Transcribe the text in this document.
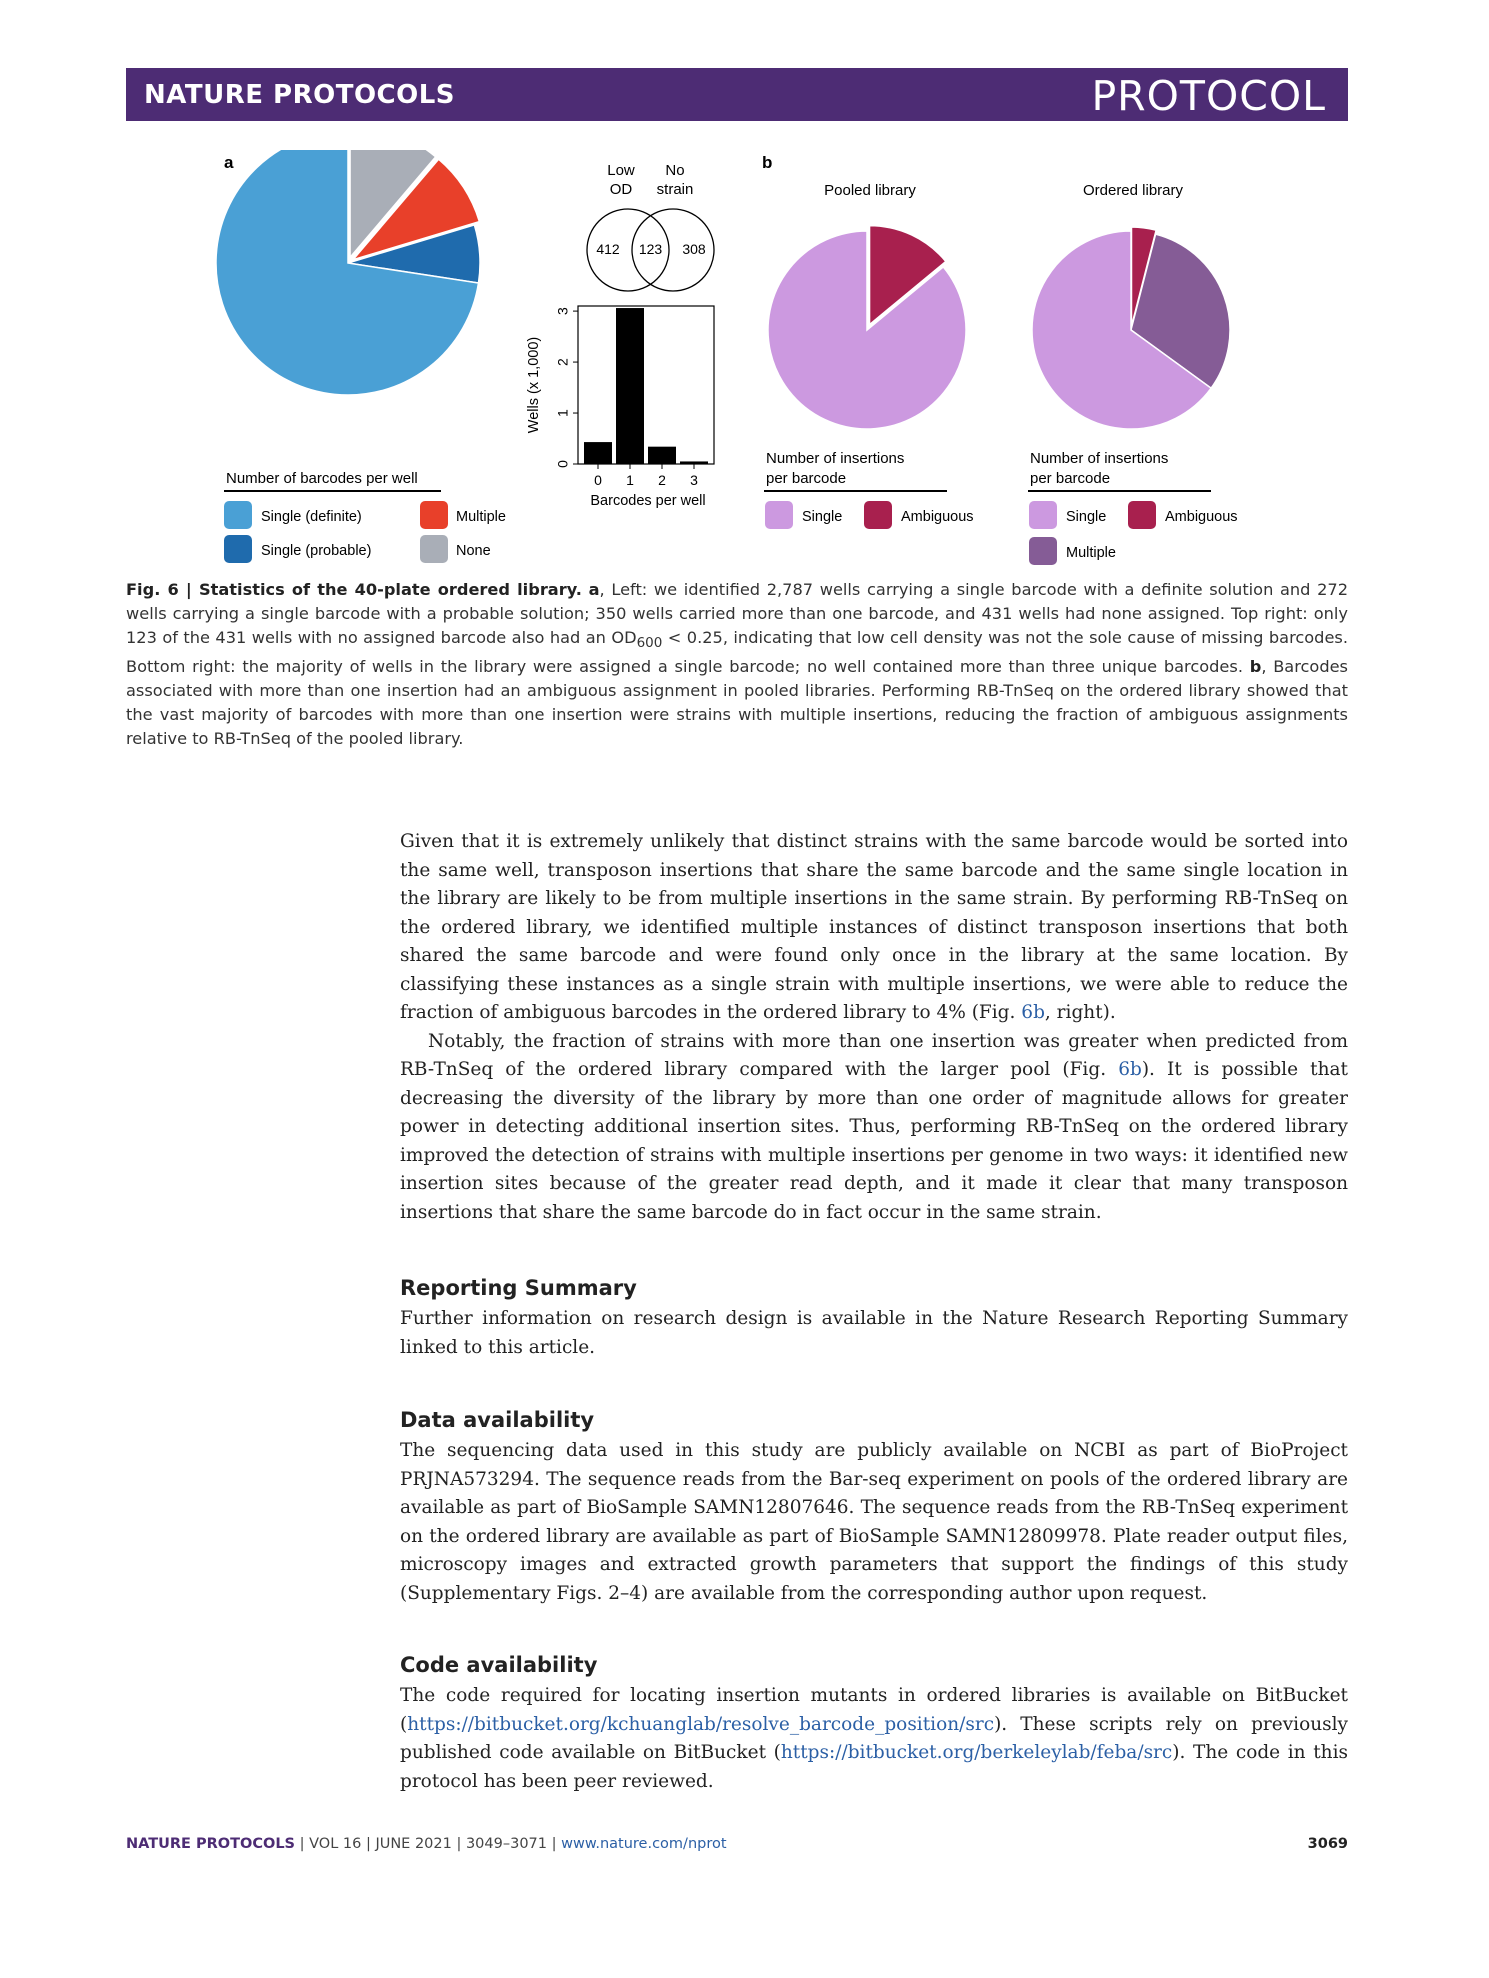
NATURE PROTOCOLS	PROTOCOL
a	b
Number of barcodes per well
Single (definite)	Multiple
Single (probable)	None
Low
OD
No
strain
412 123 308
0 1 2 3
0
1
2
3
Barcodes per well
Wells (x 1,000)
Pooled library	Ordered library
Number of insertions
per barcode
Single	Ambiguous
Number of insertions
per barcode
Single	Ambiguous
Multiple
Fig. 6 | Statistics of the 40-plate ordered library. a, Left: we identified 2,787 wells carrying a single barcode with a definite solution and 272 wells carrying a single barcode with a probable solution; 350 wells carried more than one barcode, and 431 wells had none assigned. Top right: only 123 of the 431 wells with no assigned barcode also had an $OD_{600} < 0.25$, indicating that low cell density was not the sole cause of missing barcodes. Bottom right: the majority of wells in the library were assigned a single barcode; no well contained more than three unique barcodes. b, Barcodes associated with more than one insertion had an ambiguous assignment in pooled libraries. Performing RB-TnSeq on the ordered library showed that the vast majority of barcodes with more than one insertion were strains with multiple insertions, reducing the fraction of ambiguous assignments relative to RB-TnSeq of the pooled library.

Given that it is extremely unlikely that distinct strains with the same barcode would be sorted into the same well, transposon insertions that share the same barcode and the same single location in the library are likely to be from multiple insertions in the same strain. By performing RB-TnSeq on the ordered library, we identified multiple instances of distinct transposon insertions that both shared the same barcode and were found only once in the library at the same location. By classifying these instances as a single strain with multiple insertions, we were able to reduce the fraction of ambiguous barcodes in the ordered library to 4% (Fig. 6b, right).

Notably, the fraction of strains with more than one insertion was greater when predicted from RB-TnSeq of the ordered library compared with the larger pool (Fig. 6b). It is possible that decreasing the diversity of the library by more than one order of magnitude allows for greater power in detecting additional insertion sites. Thus, performing RB-TnSeq on the ordered library improved the detection of strains with multiple insertions per genome in two ways: it identified new insertion sites because of the greater read depth, and it made it clear that many transposon insertions that share the same barcode do in fact occur in the same strain.

Reporting Summary

Further information on research design is available in the Nature Research Reporting Summary linked to this article.

Data availability

The sequencing data used in this study are publicly available on NCBI as part of BioProject PRJNA573294. The sequence reads from the Bar-seq experiment on pools of the ordered library are available as part of BioSample SAMN12807646. The sequence reads from the RB-TnSeq experiment on the ordered library are available as part of BioSample SAMN12809978. Plate reader output files, microscopy images and extracted growth parameters that support the findings of this study (Supplementary Figs. 2–4) are available from the corresponding author upon request.

Code availability

The code required for locating insertion mutants in ordered libraries is available on BitBucket (https://bitbucket.org/kchuanglab/resolve_barcode_position/src). These scripts rely on previously published code available on BitBucket (https://bitbucket.org/berkeleylab/feba/src). The code in this protocol has been peer reviewed.

NATURE PROTOCOLS | VOL 16 | JUNE 2021 | 3049–3071 | www.nature.com/nprot	3069
